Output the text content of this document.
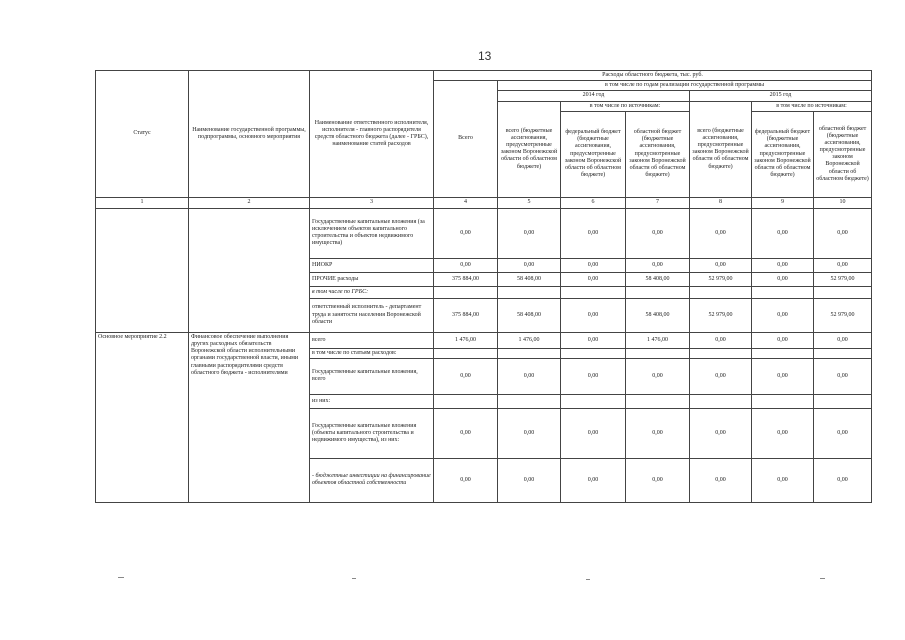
13
Статус	Наименование государственной программы, подпрограммы, основного мероприятия	Наименование ответственного исполнителя, исполнителя - главного распорядителя средств областного бюджета (далее - ГРБС), наименование статей расходов	Расходы областного бюджета, тыс. руб.						
			Всего	в том числе по годам реализации государственной программы					
				2014 год			2015 год		
				всего (бюджетные ассигнования, предусмотренные законом Воронежской области об областном бюджете)	в том числе по источникам:		всего (бюджетные ассигнования, предусмотренные законом Воронежской области об областном бюджете)	в том числе по источникам:	
					федеральный бюджет (бюджетные ассигнования, предусмотренные законом Воронежской области об областном бюджете)	областной бюджет (бюджетные ассигнования, предусмотренные законом Воронежской области об областном бюджете)		федеральный бюджет (бюджетные ассигнования, предусмотренные законом Воронежской области об областном бюджете)	областной бюджет (бюджетные ассигнования, предусмотренные законом Воронежской области об областном бюджете)
1	2	3	4	5	6	7	8	9	10
		Государственные капитальные вложения (за исключением объектов капитального строительства и объектов недвижимого имущества)	0,00	0,00	0,00	0,00	0,00	0,00	0,00
		НИОКР	0,00	0,00	0,00	0,00	0,00	0,00	0,00
		ПРОЧИЕ расходы	375 884,00	58 408,00	0,00	58 408,00	52 979,00	0,00	52 979,00
		в том числе по ГРБС:							
		ответственный исполнитель - департамент труда и занятости населения Воронежской области	375 884,00	58 408,00	0,00	58 408,00	52 979,00	0,00	52 979,00
Основное мероприятие 2.2	Финансовое обеспечение выполнения других расходных обязательств Воронежской области исполнительными органами государственной власти, иными главными распорядителями средств областного бюджета - исполнителями	всего	1 476,00	1 476,00	0,00	1 476,00	0,00	0,00	0,00
		в том числе по статьям расходов:							
		Государственные капитальные вложения, всего	0,00	0,00	0,00	0,00	0,00	0,00	0,00
		из них:							
		Государственные капитальные вложения (объекты капитального строительства и недвижимого имущества), из них:	0,00	0,00	0,00	0,00	0,00	0,00	0,00
		- бюджетные инвестиции на финансирование объектов областной собственности	0,00	0,00	0,00	0,00	0,00	0,00	0,00
